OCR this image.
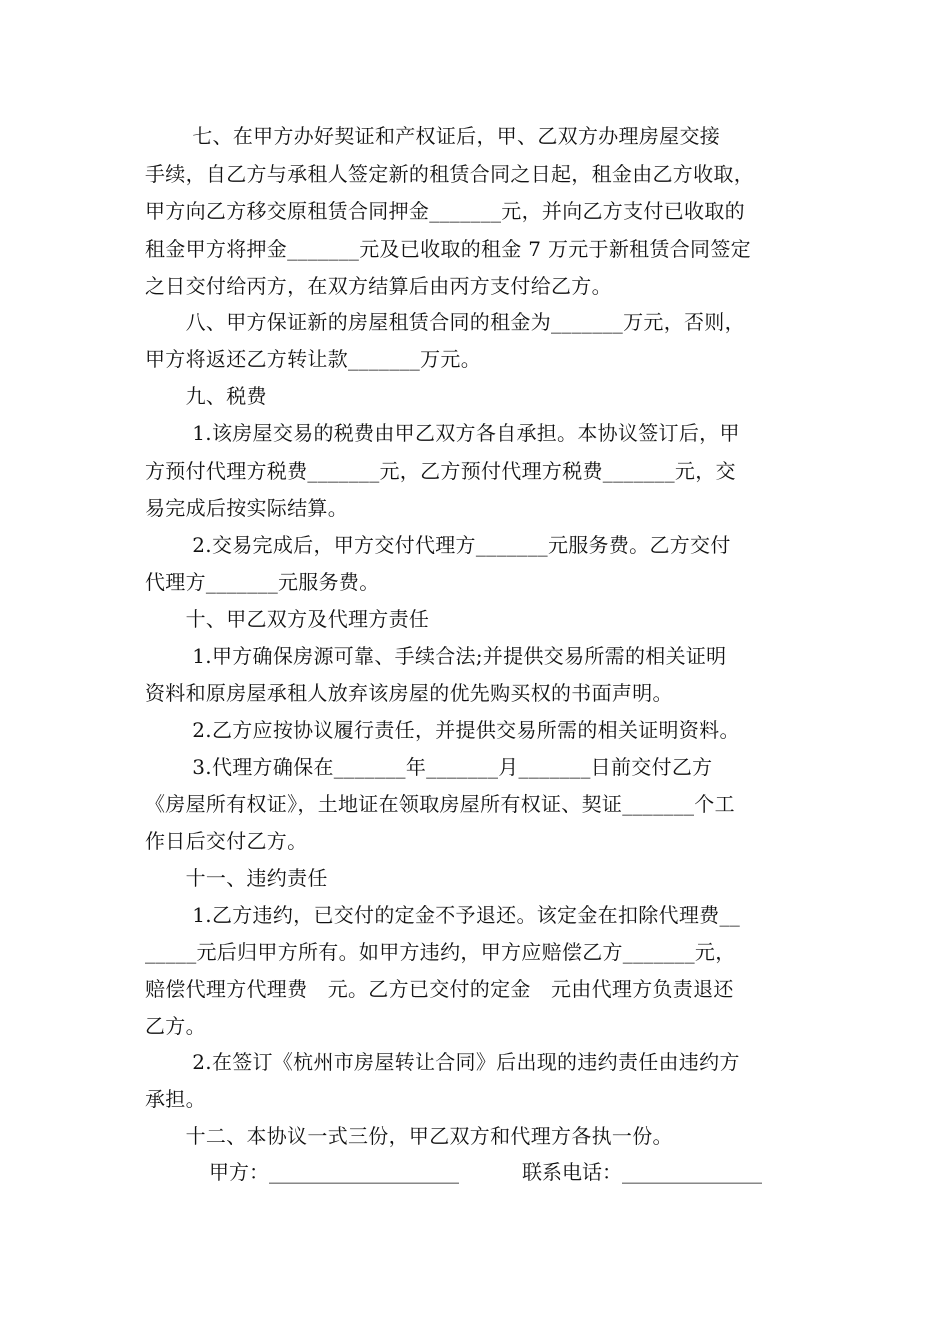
　　 七、在甲方办好契证和产权证后，甲、乙双方办理房屋交接
手续，自乙方与承租人签定新的租赁合同之日起，租金由乙方收取，
甲方向乙方移交原租赁合同押金_______元，并向乙方支付已收取的
租金甲方将押金_______元及已收取的租金 7 万元于新租赁合同签定
之日交付给丙方，在双方结算后由丙方支付给乙方。
　　八、甲方保证新的房屋租赁合同的租金为_______万元，否则，
甲方将返还乙方转让款_______万元。
　　九、税费
　　 1.该房屋交易的税费由甲乙双方各自承担。本协议签订后，甲
方预付代理方税费_______元，乙方预付代理方税费_______元，交
易完成后按实际结算。
　　 2.交易完成后，甲方交付代理方_______元服务费。乙方交付
代理方_______元服务费。
　　十、甲乙双方及代理方责任
　　 1.甲方确保房源可靠、手续合法;并提供交易所需的相关证明
资料和原房屋承租人放弃该房屋的优先购买权的书面声明。
　　 2.乙方应按协议履行责任，并提供交易所需的相关证明资料。
　　 3.代理方确保在_______年_______月_______日前交付乙方
《房屋所有权证》，土地证在领取房屋所有权证、契证_______个工
作日后交付乙方。
　　十一、违约责任
　　 1.乙方违约，已交付的定金不予退还。该定金在扣除代理费__
_____元后归甲方所有。如甲方违约，甲方应赔偿乙方_______元，
赔偿代理方代理费　元。乙方已交付的定金　元由代理方负责退还
乙方。
　　 2.在签订《杭州市房屋转让合同》后出现的违约责任由违约方
承担。
　　十二、本协议一式三份，甲乙双方和代理方各执一份。
甲方：___________________	联系电话：______________
